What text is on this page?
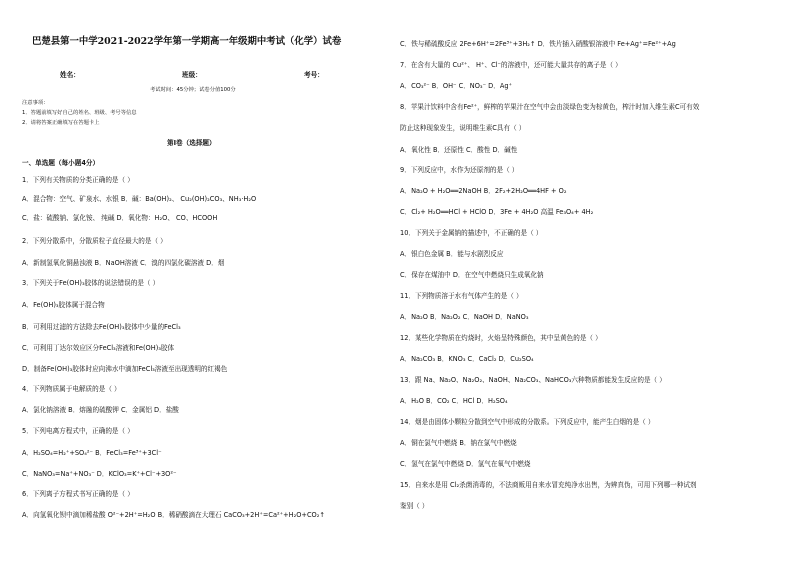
巴楚县第一中学2021-2022学年第一学期高一年级期中考试（化学）试卷
姓名：	班级：	考号：
考试时间：45分钟；试卷分值100分
注意事项：
1．答题前填写好自己的姓名、班级、考号等信息
2．请将答案正确填写在答题卡上
第Ⅰ卷（选择题）
一、单选题（每小题4分）
1．下列有关物质的分类正确的是（ ）
A．混合物：空气、矿泉水、水银 B．碱：Ba(OH)₂、 Cu₂(OH)₂CO₃、NH₃·H₂O
C．盐：硫酸钠、氯化铵、 纯碱 D．氧化物：H₂O、 CO、HCOOH
2．下列分散系中，分散质粒子直径最大的是（ ）
A．新制氢氧化铜悬浊液 B．NaOH溶液 C．溴的四氯化碳溶液 D．烟
3．下列关于Fe(OH)₃胶体的说法错误的是（ ）
A．Fe(OH)₃胶体属于混合物
B．可利用过滤的方法除去Fe(OH)₃胶体中少量的FeCl₃
C．可利用丁达尔效应区分FeCl₃溶液和Fe(OH)₃胶体
D．制备Fe(OH)₃胶体时应向沸水中滴加FeCl₃溶液至出现透明的红褐色
4．下列物质属于电解质的是（ ）
A．氯化钠溶液 B．熔融的硫酸钾 C．金属铝 D．盐酸
5．下列电离方程式中，正确的是（ ）
A．H₂SO₄=H₂⁺+SO₄²⁻ B．FeCl₃=Fe³⁺+3Cl⁻
C．NaNO₃=Na⁺+NO₃⁻ D．KClO₃=K⁺+Cl⁻+3O²⁻
6．下列离子方程式书写正确的是（ ）
A．向氢氧化钡中滴加稀盐酸 O²⁻+2H⁺=H₂O B．稀硝酸滴在大理石 CaCO₃+2H⁺=Ca²⁺+H₂O+CO₂↑
C．铁与稀硫酸反应 2Fe+6H⁺=2Fe³⁺+3H₂↑ D．铁片插入硝酸银溶液中 Fe+Ag⁺=Fe²⁺+Ag
7．在含有大量的 Cu²⁺、 H⁺、Cl⁻的溶液中，还可能大量共存的离子是（ ）
A．CO₃²⁻ B．OH⁻ C．NO₃⁻ D．Ag⁺
8．苹果汁饮料中含有Fe²⁺，鲜榨的苹果汁在空气中会由淡绿色变为棕黄色，榨汁时加入维生素C可有效
防止这种现象发生，说明维生素C具有（ ）
A．氧化性 B．还原性 C．酸性 D．碱性
9．下列反应中，水作为还原剂的是（ ）
A．Na₂O + H₂O══2NaOH B．2F₂+2H₂O══4HF + O₂
C．Cl₂+ H₂O══HCl + HClO D．3Fe + 4H₂O 高温 Fe₃O₄+ 4H₂
10．下列关于金属钠的描述中，不正确的是（ ）
A．银白色金属 B．能与水剧烈反应
C．保存在煤油中 D．在空气中燃烧只生成氧化钠
11．下列物质溶于水有气体产生的是（ ）
A．Na₂O B．Na₂O₂ C．NaOH D．NaNO₃
12．某些化学物质在灼烧时，火焰呈特殊颜色，其中呈黄色的是（ ）
A．Na₂CO₃ B．KNO₃ C．CaCl₂ D．Cu₂SO₄
13．跟 Na、Na₂O、Na₂O₂、NaOH、Na₂CO₃、NaHCO₃六种物质都能发生反应的是（ ）
A．H₂O B．CO₂ C．HCl D．H₂SO₄
14．烟是由固体小颗粒分散到空气中形成的分散系。下列反应中，能产生白烟的是（ ）
A．铜在氯气中燃烧 B．钠在氯气中燃烧
C．氢气在氯气中燃烧 D．氢气在氧气中燃烧
15．自来水是用 Cl₂杀菌消毒的，不法商贩用自来水冒充纯净水出售，为辨真伪，可用下列哪一种试剂
鉴别（ ）
